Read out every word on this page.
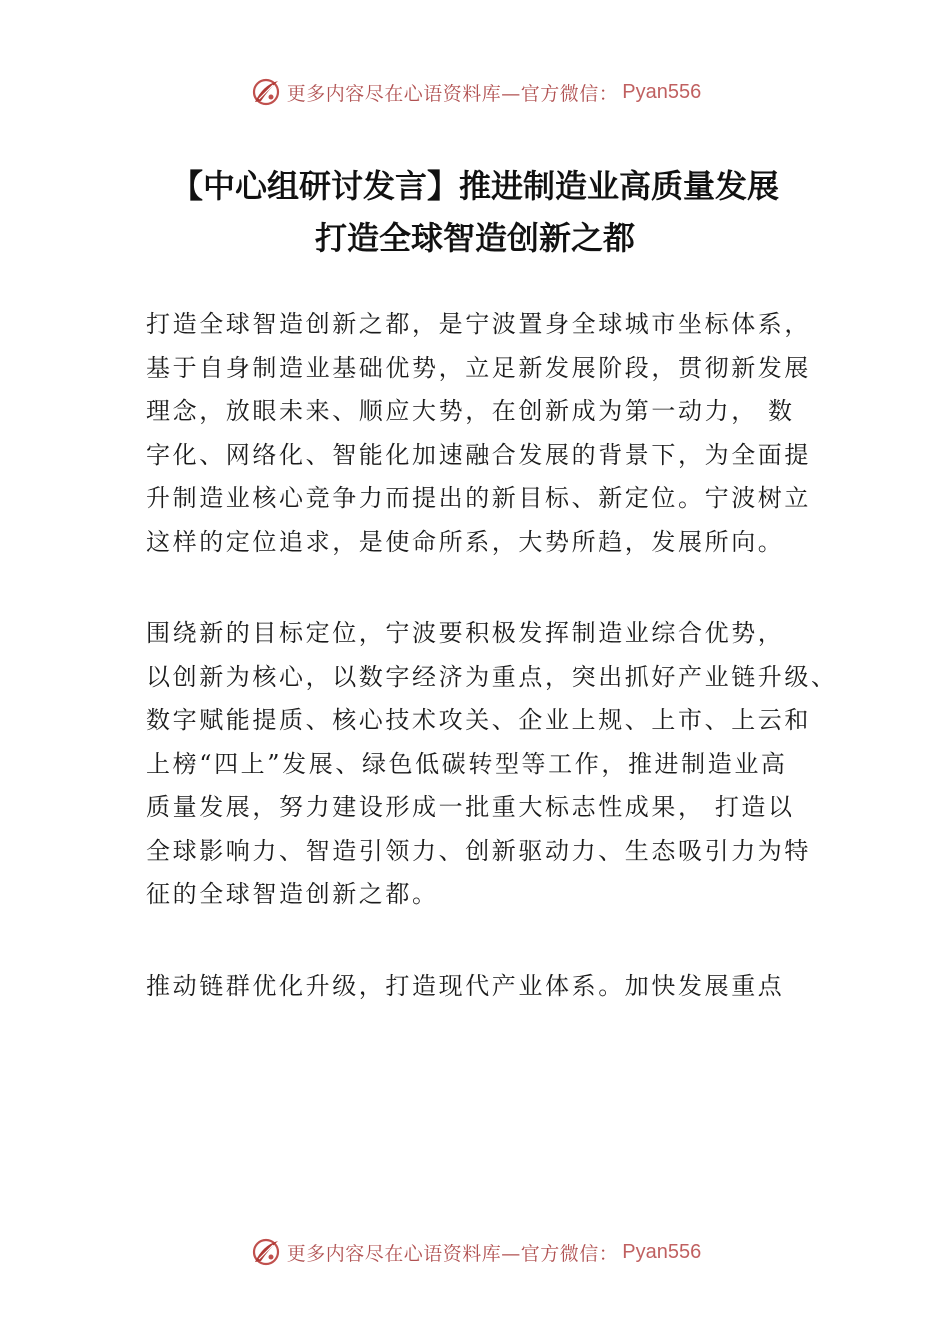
更多内容尽在心语资料库—官方微信： Pyan556
【中心组研讨发言】推进制造业高质量发展
打造全球智造创新之都

打造全球智造创新之都，是宁波置身全球城市坐标体系，
基于自身制造业基础优势，立足新发展阶段，贯彻新发展
理念，放眼未来、顺应大势，在创新成为第一动力， 数
字化、网络化、智能化加速融合发展的背景下，为全面提
升制造业核心竞争力而提出的新目标、新定位。宁波树立
这样的定位追求，是使命所系，大势所趋，发展所向。

围绕新的目标定位，宁波要积极发挥制造业综合优势，
以创新为核心，以数字经济为重点，突出抓好产业链升级、
数字赋能提质、核心技术攻关、企业上规、上市、上云和
上榜“四上”发展、绿色低碳转型等工作，推进制造业高
质量发展，努力建设形成一批重大标志性成果， 打造以
全球影响力、智造引领力、创新驱动力、生态吸引力为特
征的全球智造创新之都。

推动链群优化升级，打造现代产业体系。加快发展重点

更多内容尽在心语资料库—官方微信： Pyan556
